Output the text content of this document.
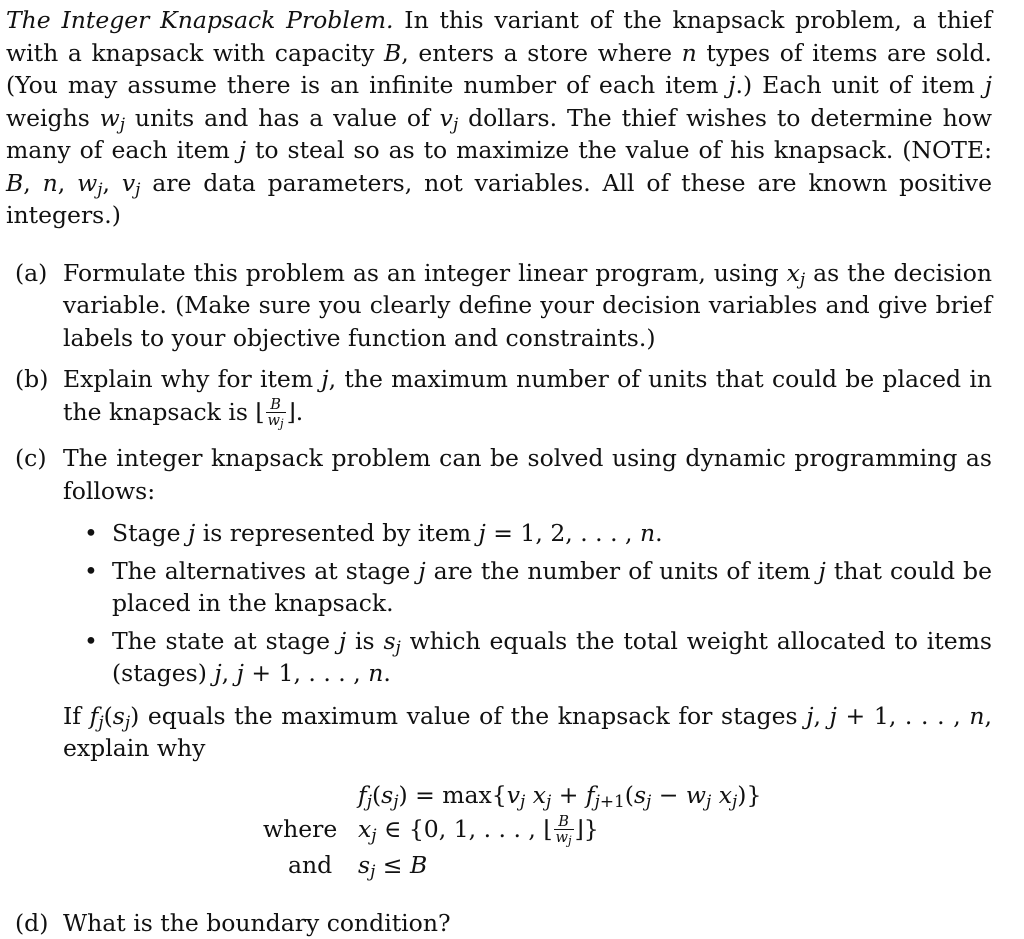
The Integer Knapsack Problem. In this variant of the knapsack problem, a thief with a knapsack with capacity B, enters a store where n types of items are sold. (You may assume there is an infinite number of each item j.) Each unit of item j weighs $w_j$ units and has a value of $v_j$ dollars. The thief wishes to determine how many of each item j to steal so as to maximize the value of his knapsack. (NOTE: B, n, $w_j$, $v_j$ are data parameters, not variables. All of these are known positive integers.)

(a) Formulate this problem as an integer linear program, using $x_j$ as the decision variable. (Make sure you clearly define your decision variables and give brief labels to your objective function and constraints.)
(b) Explain why for item j, the maximum number of units that could be placed in the knapsack is ⌊ $\frac{B}{wj}$ ⌋.
(c) The integer knapsack problem can be solved using dynamic programming as follows:
• Stage j is represented by item j = 1, 2, . . . , n.
• The alternatives at stage j are the number of units of item j that could be placed in the knapsack.
• The state at stage j is $s_j$ which equals the total weight allocated to items (stages) j, j + 1, . . . , n.
If $f_j(s_j)$ equals the maximum value of the knapsack for stages j, j + 1, . . . , n, explain why
$f_j(s_j) = \max\{v_j$ $x_j + f_{j+1}(s_j - w_j$ $x_j$)}
where $x_j$ ∈ {0, 1, . . . , ⌊ $\frac{B}{wj}$ ⌋}
and $s_j \le B$
(d) What is the boundary condition?
